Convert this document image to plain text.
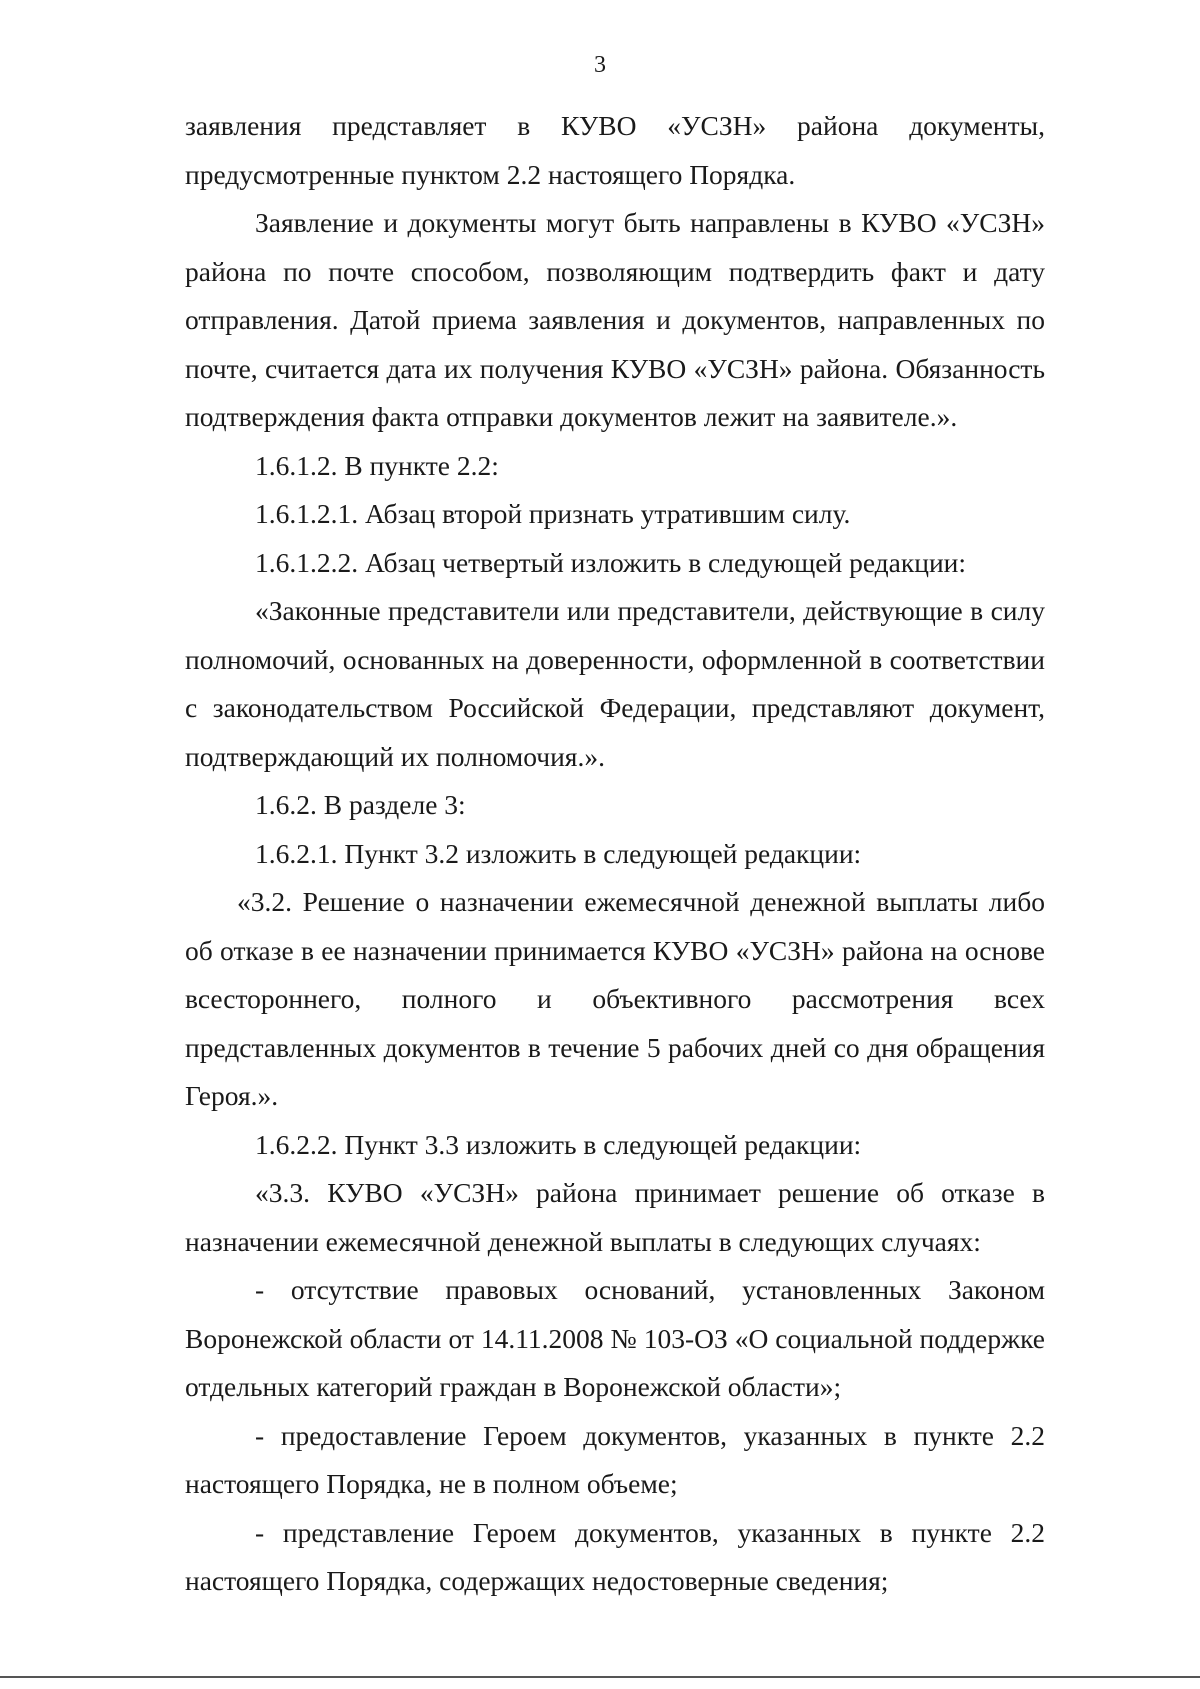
3

заявления представляет в КУВО «УСЗН» района документы, предусмотренные пунктом 2.2 настоящего Порядка.

Заявление и документы могут быть направлены в КУВО «УСЗН» района по почте способом, позволяющим подтвердить факт и дату отправления. Датой приема заявления и документов, направленных по почте, считается дата их получения КУВО «УСЗН» района. Обязанность подтверждения факта отправки документов лежит на заявителе.».

1.6.1.2. В пункте 2.2:

1.6.1.2.1. Абзац второй признать утратившим силу.

1.6.1.2.2. Абзац четвертый изложить в следующей редакции:

«Законные представители или представители, действующие в силу полномочий, основанных на доверенности, оформленной в соответствии с законодательством Российской Федерации, представляют документ, подтверждающий их полномочия.».

1.6.2. В разделе 3:

1.6.2.1. Пункт 3.2 изложить в следующей редакции:

«3.2. Решение о назначении ежемесячной денежной выплаты либо об отказе в ее назначении принимается КУВО «УСЗН» района на основе всестороннего, полного и объективного рассмотрения всех представленных документов в течение 5 рабочих дней со дня обращения Героя.».

1.6.2.2. Пункт 3.3 изложить в следующей редакции:

«3.3. КУВО «УСЗН» района принимает решение об отказе в назначении ежемесячной денежной выплаты в следующих случаях:

- отсутствие правовых оснований, установленных Законом Воронежской области от 14.11.2008 № 103-ОЗ «О социальной поддержке отдельных категорий граждан в Воронежской области»;

- предоставление Героем документов, указанных в пункте 2.2 настоящего Порядка, не в полном объеме;

- представление Героем документов, указанных в пункте 2.2 настоящего Порядка, содержащих недостоверные сведения;
